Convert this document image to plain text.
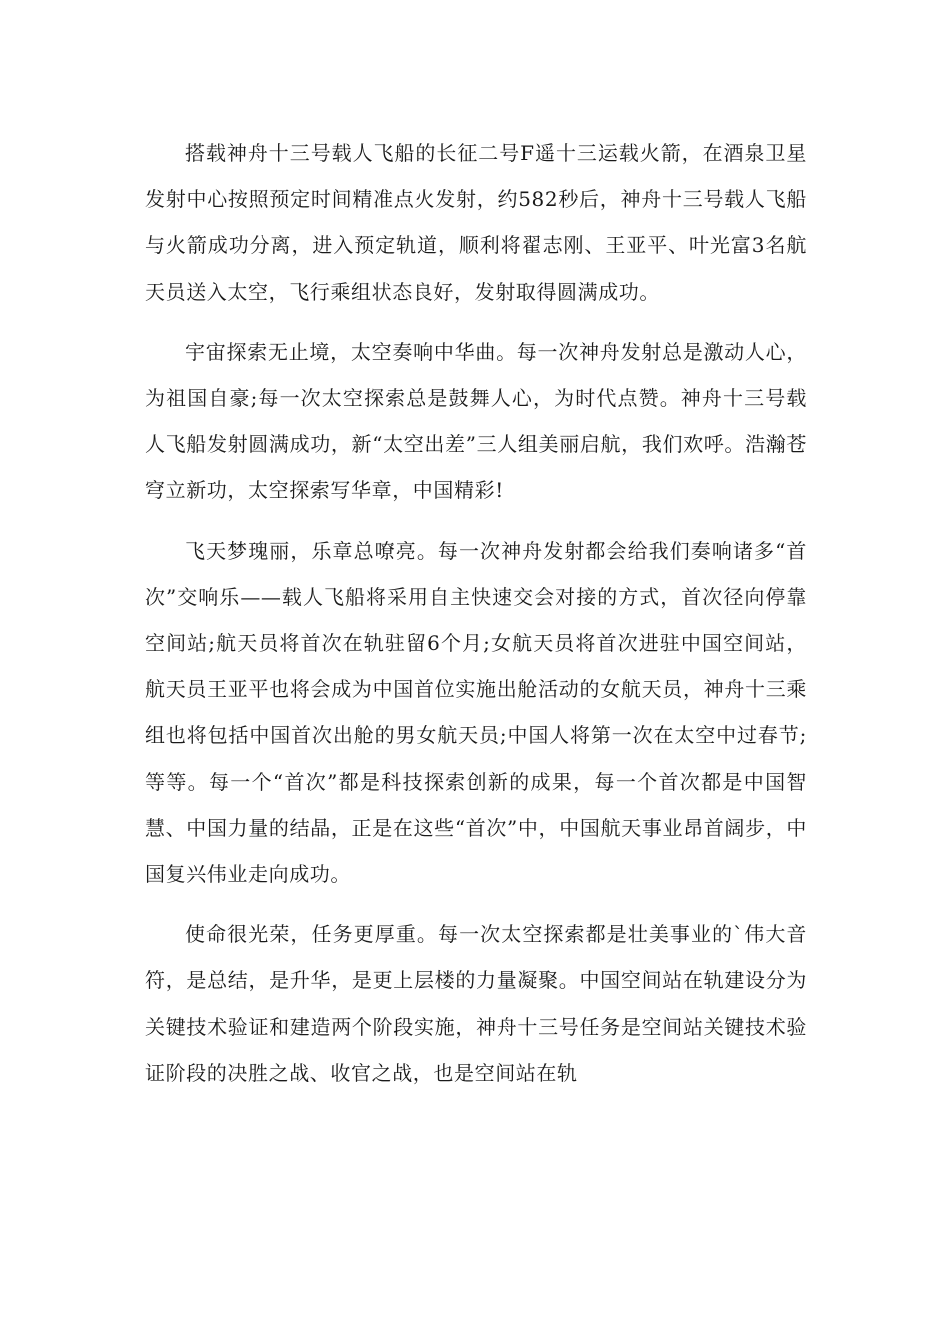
搭载神舟十三号载人飞船的长征二号F遥十三运载火箭，在酒泉卫星发射中心按照预定时间精准点火发射，约582秒后，神舟十三号载人飞船与火箭成功分离，进入预定轨道，顺利将翟志刚、王亚平、叶光富3名航天员送入太空，飞行乘组状态良好，发射取得圆满成功。

宇宙探索无止境，太空奏响中华曲。每一次神舟发射总是激动人心，为祖国自豪;每一次太空探索总是鼓舞人心，为时代点赞。神舟十三号载人飞船发射圆满成功，新“太空出差”三人组美丽启航，我们欢呼。浩瀚苍穹立新功，太空探索写华章，中国精彩!

飞天梦瑰丽，乐章总嘹亮。每一次神舟发射都会给我们奏响诸多“首次”交响乐——载人飞船将采用自主快速交会对接的方式，首次径向停靠空间站;航天员将首次在轨驻留6个月;女航天员将首次进驻中国空间站，航天员王亚平也将会成为中国首位实施出舱活动的女航天员，神舟十三乘组也将包括中国首次出舱的男女航天员;中国人将第一次在太空中过春节;等等。每一个“首次”都是科技探索创新的成果，每一个首次都是中国智慧、中国力量的结晶，正是在这些“首次”中，中国航天事业昂首阔步，中国复兴伟业走向成功。

使命很光荣，任务更厚重。每一次太空探索都是壮美事业的`伟大音符，是总结，是升华，是更上层楼的力量凝聚。中国空间站在轨建设分为关键技术验证和建造两个阶段实施，神舟十三号任务是空间站关键技术验证阶段的决胜之战、收官之战，也是空间站在轨
